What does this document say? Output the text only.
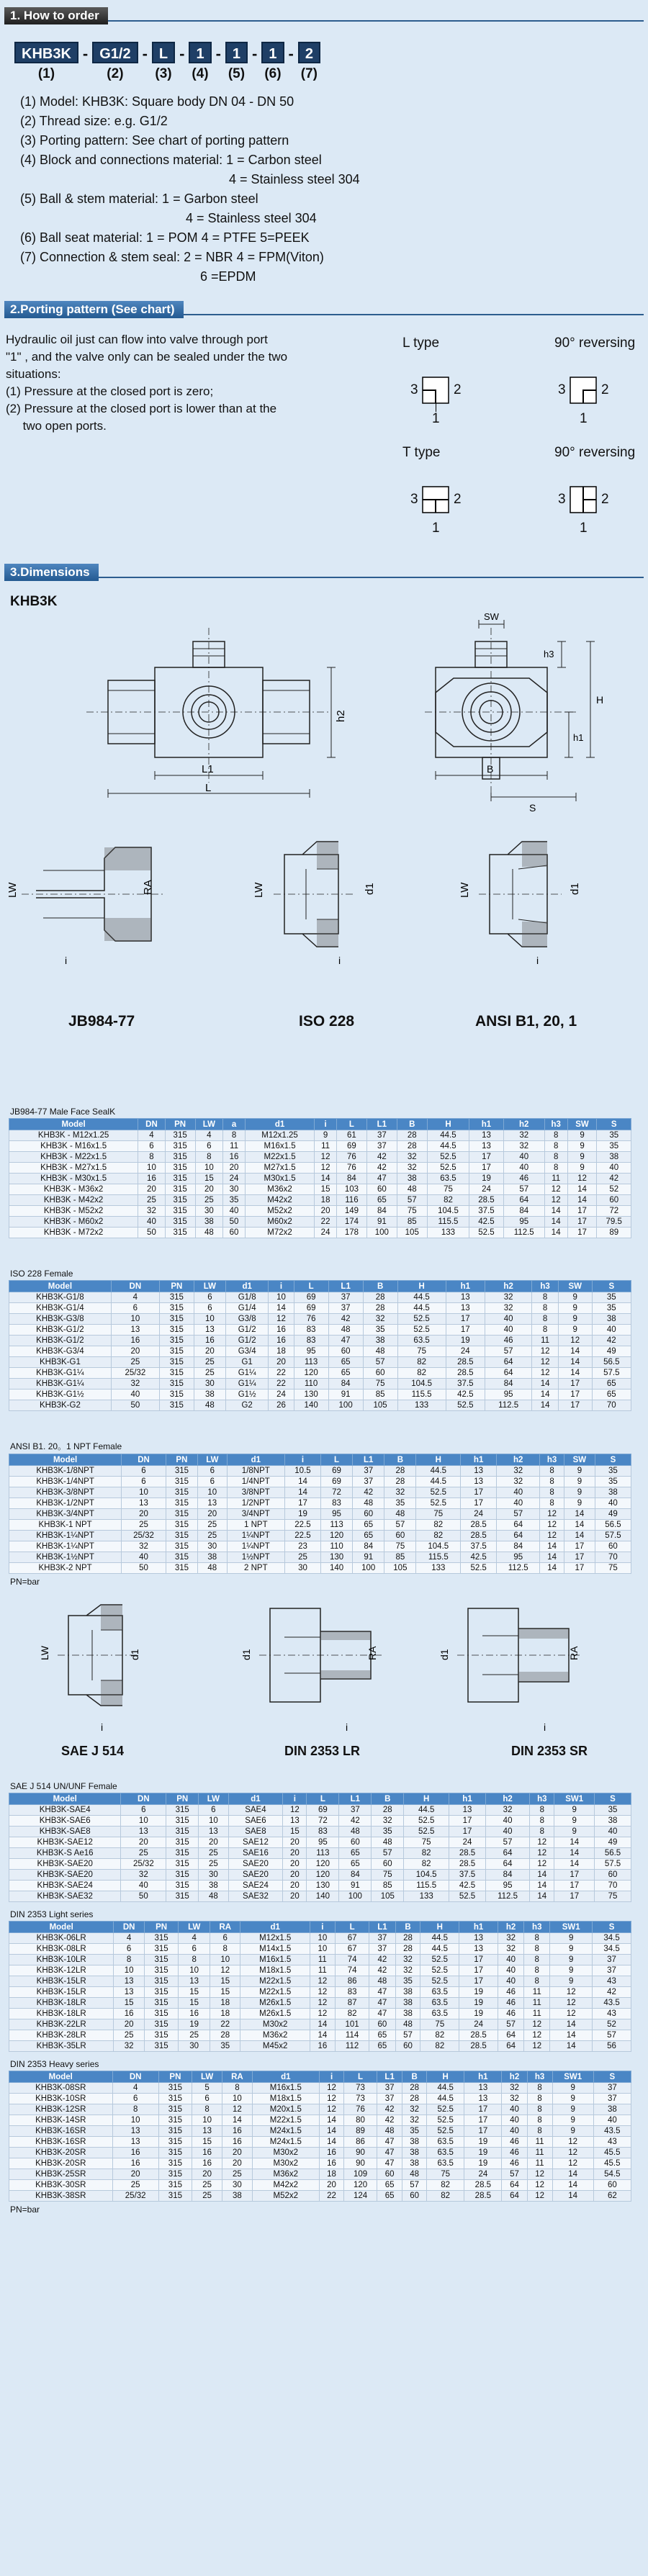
1. How to order
KHB3K
(1)
- G1/2
(2)
- L
(3)
- 1
(4)
- 1
(5)
- 1
(6)
- 2
(7)
(1) Model: KHB3K: Square body DN 04 - DN 50
(2) Thread size: e.g. G1/2
(3) Porting pattern: See chart of porting pattern
(4) Block and connections material: 1 = Carbon steel
4 = Stainless steel 304
(5) Ball & stem material: 1 = Garbon steel
4 = Stainless steel 304
(6) Ball seat material: 1 = POM 4 = PTFE 5=PEEK
(7) Connection & stem seal: 2 = NBR 4 = FPM(Viton)
6 =EPDM
2.Porting pattern (See chart)
Hydraulic oil just can flow into valve through port
"1" , and the valve only can be sealed under the two
situations:
(1) Pressure at the closed port is zero;
(2) Pressure at the closed port is lower than at the
two open ports.
L type
3	2
1
90° reversing
3	2
1
T type
3	2
1
90° reversing
3	2
1
3.Dimensions
KHB3K
L1
L
h2
SW
h3
H
h1
B
S
RA
LW
i
d1
LW
i
d1
LW
i
JB984-77	ISO 228	ANSI B1, 20, 1
JB984-77 Male Face SealK
Model	DN	PN	LW	a	d1	i	L	L1	B	H	h1	h2	h3	SW	S
KHB3K - M12x1.25	4	315	4	8	M12x1.25	9	61	37	28	44.5	13	32	8	9	35
KHB3K - M16x1.5	6	315	6	11	M16x1.5	11	69	37	28	44.5	13	32	8	9	35
KHB3K - M22x1.5	8	315	8	16	M22x1.5	12	76	42	32	52.5	17	40	8	9	38
KHB3K - M27x1.5	10	315	10	20	M27x1.5	12	76	42	32	52.5	17	40	8	9	40
KHB3K - M30x1.5	16	315	15	24	M30x1.5	14	84	47	38	63.5	19	46	11	12	42
KHB3K - M36x2	20	315	20	30	M36x2	15	103	60	48	75	24	57	12	14	52
KHB3K - M42x2	25	315	25	35	M42x2	18	116	65	57	82	28.5	64	12	14	60
KHB3K - M52x2	32	315	30	40	M52x2	20	149	84	75	104.5	37.5	84	14	17	72
KHB3K - M60x2	40	315	38	50	M60x2	22	174	91	85	115.5	42.5	95	14	17	79.5
KHB3K - M72x2	50	315	48	60	M72x2	24	178	100	105	133	52.5	112.5	14	17	89
ISO 228 Female
Model	DN	PN	LW	d1	i	L	L1	B	H	h1	h2	h3	SW	S
KHB3K-G1/8	4	315	6	G1/8	10	69	37	28	44.5	13	32	8	9	35
KHB3K-G1/4	6	315	6	G1/4	14	69	37	28	44.5	13	32	8	9	35
KHB3K-G3/8	10	315	10	G3/8	12	76	42	32	52.5	17	40	8	9	38
KHB3K-G1/2	13	315	13	G1/2	16	83	48	35	52.5	17	40	8	9	40
KHB3K-G1/2	16	315	16	G1/2	16	83	47	38	63.5	19	46	11	12	42
KHB3K-G3/4	20	315	20	G3/4	18	95	60	48	75	24	57	12	14	49
KHB3K-G1	25	315	25	G1	20	113	65	57	82	28.5	64	12	14	56.5
KHB3K-G1¼	25/32	315	25	G1¼	22	120	65	60	82	28.5	64	12	14	57.5
KHB3K-G1¼	32	315	30	G1¼	22	110	84	75	104.5	37.5	84	14	17	65
KHB3K-G1½	40	315	38	G1½	24	130	91	85	115.5	42.5	95	14	17	65
KHB3K-G2	50	315	48	G2	26	140	100	105	133	52.5	112.5	14	17	70
ANSI B1. 20。1 NPT Female
Model	DN	PN	LW	d1	i	L	L1	B	H	h1	h2	h3	SW	S
KHB3K-1/8NPT	6	315	6	1/8NPT	10.5	69	37	28	44.5	13	32	8	9	35
KHB3K-1/4NPT	6	315	6	1/4NPT	14	69	37	28	44.5	13	32	8	9	35
KHB3K-3/8NPT	10	315	10	3/8NPT	14	72	42	32	52.5	17	40	8	9	38
KHB3K-1/2NPT	13	315	13	1/2NPT	17	83	48	35	52.5	17	40	8	9	40
KHB3K-3/4NPT	20	315	20	3/4NPT	19	95	60	48	75	24	57	12	14	49
KHB3K-1 NPT	25	315	25	1 NPT	22.5	113	65	57	82	28.5	64	12	14	56.5
KHB3K-1¼NPT	25/32	315	25	1¼NPT	22.5	120	65	60	82	28.5	64	12	14	57.5
KHB3K-1¼NPT	32	315	30	1¼NPT	23	110	84	75	104.5	37.5	84	14	17	60
KHB3K-1½NPT	40	315	38	1½NPT	25	130	91	85	115.5	42.5	95	14	17	70
KHB3K-2 NPT	50	315	48	2 NPT	30	140	100	105	133	52.5	112.5	14	17	75
PN=bar
d1
LW
i
RA
d1
i
RA
d1
i
SAE J 514	DIN 2353 LR	DIN 2353 SR
SAE J 514 UN/UNF Female
Model	DN	PN	LW	d1	i	L	L1	B	H	h1	h2	h3	SW1	S
KHB3K-SAE4	6	315	6	SAE4	12	69	37	28	44.5	13	32	8	9	35
KHB3K-SAE6	10	315	10	SAE6	13	72	42	32	52.5	17	40	8	9	38
KHB3K-SAE8	13	315	13	SAE8	15	83	48	35	52.5	17	40	8	9	40
KHB3K-SAE12	20	315	20	SAE12	20	95	60	48	75	24	57	12	14	49
KHB3K-S Ae16	25	315	25	SAE16	20	113	65	57	82	28.5	64	12	14	56.5
KHB3K-SAE20	25/32	315	25	SAE20	20	120	65	60	82	28.5	64	12	14	57.5
KHB3K-SAE20	32	315	30	SAE20	20	120	84	75	104.5	37.5	84	14	17	60
KHB3K-SAE24	40	315	38	SAE24	20	130	91	85	115.5	42.5	95	14	17	70
KHB3K-SAE32	50	315	48	SAE32	20	140	100	105	133	52.5	112.5	14	17	75
DIN 2353 Light series
Model	DN	PN	LW	RA	d1	i	L	L1	B	H	h1	h2	h3	SW1	S
KHB3K-06LR	4	315	4	6	M12x1.5	10	67	37	28	44.5	13	32	8	9	34.5
KHB3K-08LR	6	315	6	8	M14x1.5	10	67	37	28	44.5	13	32	8	9	34.5
KHB3K-10LR	8	315	8	10	M16x1.5	11	74	42	32	52.5	17	40	8	9	37
KHB3K-12LR	10	315	10	12	M18x1.5	11	74	42	32	52.5	17	40	8	9	37
KHB3K-15LR	13	315	13	15	M22x1.5	12	86	48	35	52.5	17	40	8	9	43
KHB3K-15LR	13	315	15	15	M22x1.5	12	83	47	38	63.5	19	46	11	12	42
KHB3K-18LR	15	315	15	18	M26x1.5	12	87	47	38	63.5	19	46	11	12	43.5
KHB3K-18LR	16	315	16	18	M26x1.5	12	82	47	38	63.5	19	46	11	12	43
KHB3K-22LR	20	315	19	22	M30x2	14	101	60	48	75	24	57	12	14	52
KHB3K-28LR	25	315	25	28	M36x2	14	114	65	57	82	28.5	64	12	14	57
KHB3K-35LR	32	315	30	35	M45x2	16	112	65	60	82	28.5	64	12	14	56
DIN 2353 Heavy series
Model	DN	PN	LW	RA	d1	i	L	L1	B	H	h1	h2	h3	SW1	S
KHB3K-08SR	4	315	5	8	M16x1.5	12	73	37	28	44.5	13	32	8	9	37
KHB3K-10SR	6	315	6	10	M18x1.5	12	73	37	28	44.5	13	32	8	9	37
KHB3K-12SR	8	315	8	12	M20x1.5	12	76	42	32	52.5	17	40	8	9	38
KHB3K-14SR	10	315	10	14	M22x1.5	14	80	42	32	52.5	17	40	8	9	40
KHB3K-16SR	13	315	13	16	M24x1.5	14	89	48	35	52.5	17	40	8	9	43.5
KHB3K-16SR	13	315	15	16	M24x1.5	14	86	47	38	63.5	19	46	11	12	43
KHB3K-20SR	16	315	16	20	M30x2	16	90	47	38	63.5	19	46	11	12	45.5
KHB3K-20SR	16	315	16	20	M30x2	16	90	47	38	63.5	19	46	11	12	45.5
KHB3K-25SR	20	315	20	25	M36x2	18	109	60	48	75	24	57	12	14	54.5
KHB3K-30SR	25	315	25	30	M42x2	20	120	65	57	82	28.5	64	12	14	60
KHB3K-38SR	25/32	315	25	38	M52x2	22	124	65	60	82	28.5	64	12	14	62
PN=bar
